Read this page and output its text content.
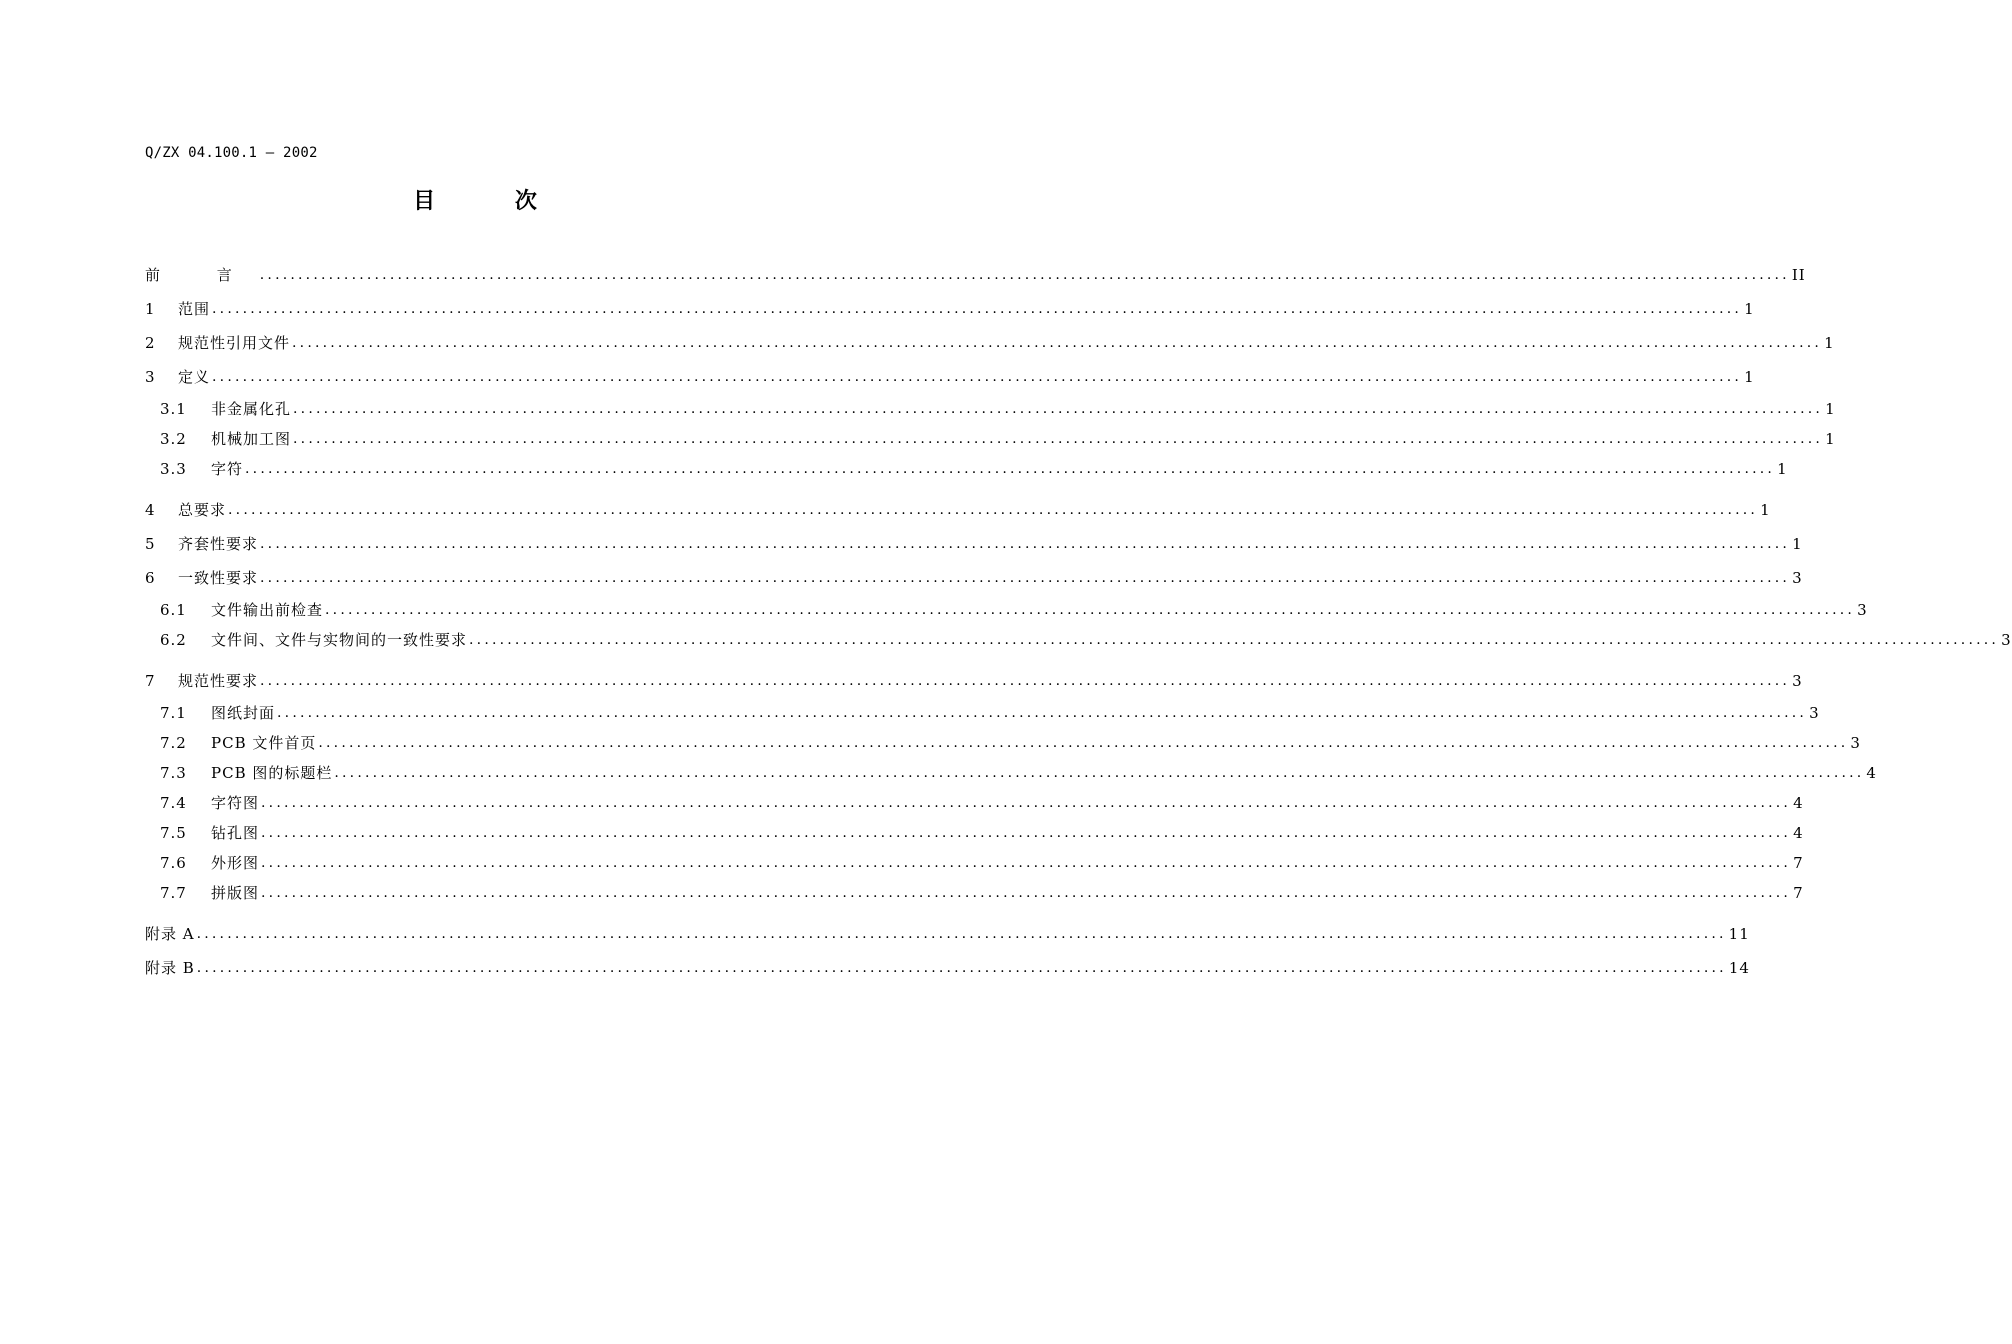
Q/ZX 04.100.1 – 2002
目 次
前 言 ........................................................................................................................................................................................................ II
1	范围 ........................................................................................................................................................................................................ 1
2	规范性引用文件 ........................................................................................................................................................................................................ 1
3	定义 ........................................................................................................................................................................................................ 1
3.1	非金属化孔 ........................................................................................................................................................................................................ 1
3.2	机械加工图 ........................................................................................................................................................................................................ 1
3.3	字符 ........................................................................................................................................................................................................ 1
4	总要求 ........................................................................................................................................................................................................ 1
5	齐套性要求 ........................................................................................................................................................................................................ 1
6	一致性要求 ........................................................................................................................................................................................................ 3
6.1	文件输出前检查 ........................................................................................................................................................................................................ 3
6.2	文件间、文件与实物间的一致性要求 ........................................................................................................................................................................................................ 3
7	规范性要求 ........................................................................................................................................................................................................ 3
7.1	图纸封面 ........................................................................................................................................................................................................ 3
7.2	PCB 文件首页 ........................................................................................................................................................................................................ 3
7.3	PCB 图的标题栏 ........................................................................................................................................................................................................ 4
7.4	字符图 ........................................................................................................................................................................................................ 4
7.5	钻孔图 ........................................................................................................................................................................................................ 4
7.6	外形图 ........................................................................................................................................................................................................ 7
7.7	拼版图 ........................................................................................................................................................................................................ 7
附录 A ........................................................................................................................................................................................................ 11
附录 B ........................................................................................................................................................................................................ 14
